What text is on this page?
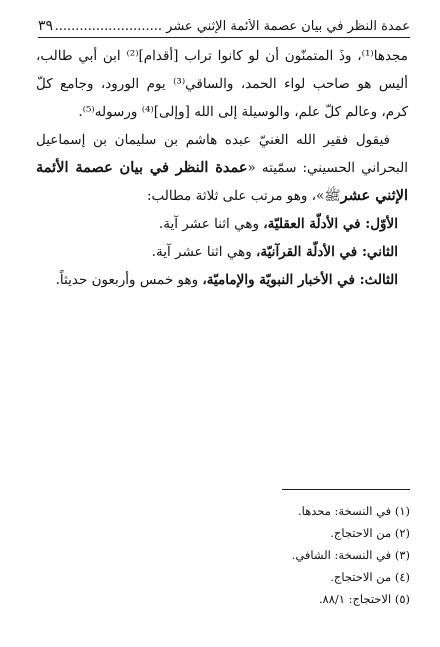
عمدة النظر في بيان عصمة الأئمة الإثني عشر ..........................
٣٩

مجدها⁽¹⁾، وذَ المتمنّون أن لو كانوا تراب [أقدام]⁽²⁾ ابن أبي طالب، أليس هو صاحب لواء الحمد، والساقي⁽³⁾ يوم الورود، وجامع كلّ كرم، وعالم كلّ علم، والوسيلة إلى الله [وإلى]⁽⁴⁾ ورسوله⁽⁵⁾.

فيقول فقير الله الغنيّ عبده هاشم بن سليمان بن إسماعيل البحراني الحسيني: سمّيته «عمدة النظر في بيان عصمة الأئمة الإثني عشرﷺ»، وهو مرتب على ثلاثة مطالب:

الأوّل: في الأدلّة العقليّة، وهي اثنا عشر آية.

الثاني: في الأدلّة القرآنيّة، وهي اثنا عشر آية.

الثالث: في الأخبار النبويّة والإماميّة، وهو خمس وأربعون حديثاً.

(١) في النسخة: محدها.
(٢) من الاحتجاج.
(٣) في النسخة: الشافي.
(٤) من الاحتجاج.
(٥) الاحتجاج: ٨٨/١.
